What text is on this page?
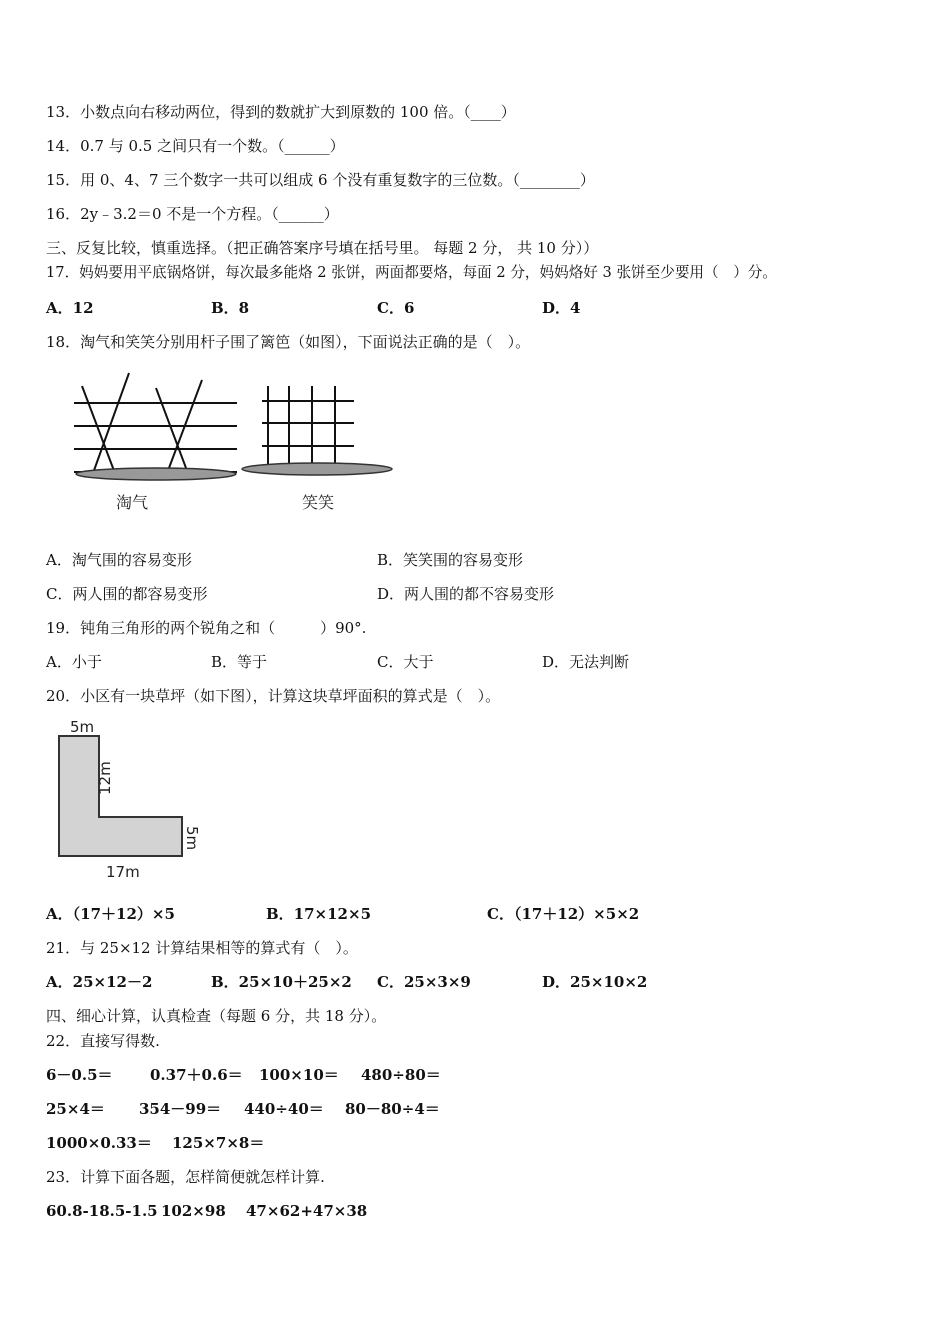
13．小数点向右移动两位，得到的数就扩大到原数的 100 倍。（____）
14．0.7 与 0.5 之间只有一个数。（______）
15．用 0、4、7 三个数字一共可以组成 6 个没有重复数字的三位数。（________）
16．2y﹣3.2＝0 不是一个方程。（______）
三、反复比较，慎重选择。（把正确答案序号填在括号里。 每题 2 分， 共 10 分））
17．妈妈要用平底锅烙饼，每次最多能烙 2 张饼，两面都要烙，每面 2 分，妈妈烙好 3 张饼至少要用（　）分。
A．12	B．8	C．6	D．4
18．淘气和笑笑分别用杆子围了篱笆（如图），下面说法正确的是（　）。
淘气	笑笑
A．淘气围的容易变形	B．笑笑围的容易变形
C．两人围的都容易变形	D．两人围的都不容易变形
19．钝角三角形的两个锐角之和（　　　）90°.
A．小于	B．等于	C．大于	D．无法判断
20．小区有一块草坪（如下图），计算这块草坪面积的算式是（　）。
5m
12m
5m
17m
A．（17＋12）×5	B．17×12×5	C．（17＋12）×5×2
21．与 25×12 计算结果相等的算式有（　）。
A．25×12－2	B．25×10＋25×2 C．25×3×9	D．25×10×2
四、细心计算，认真检查（每题 6 分，共 18 分）。
22．直接写得数.
6－0.5＝ 0.37＋0.6＝ 100×10＝ 480÷80＝
25×4＝ 354－99＝ 440÷40＝ 80－80÷4＝
1000×0.33＝ 125×7×8＝
23．计算下面各题，怎样简便就怎样计算.
60.8-18.5-1.5 102×98 47×62+47×38
